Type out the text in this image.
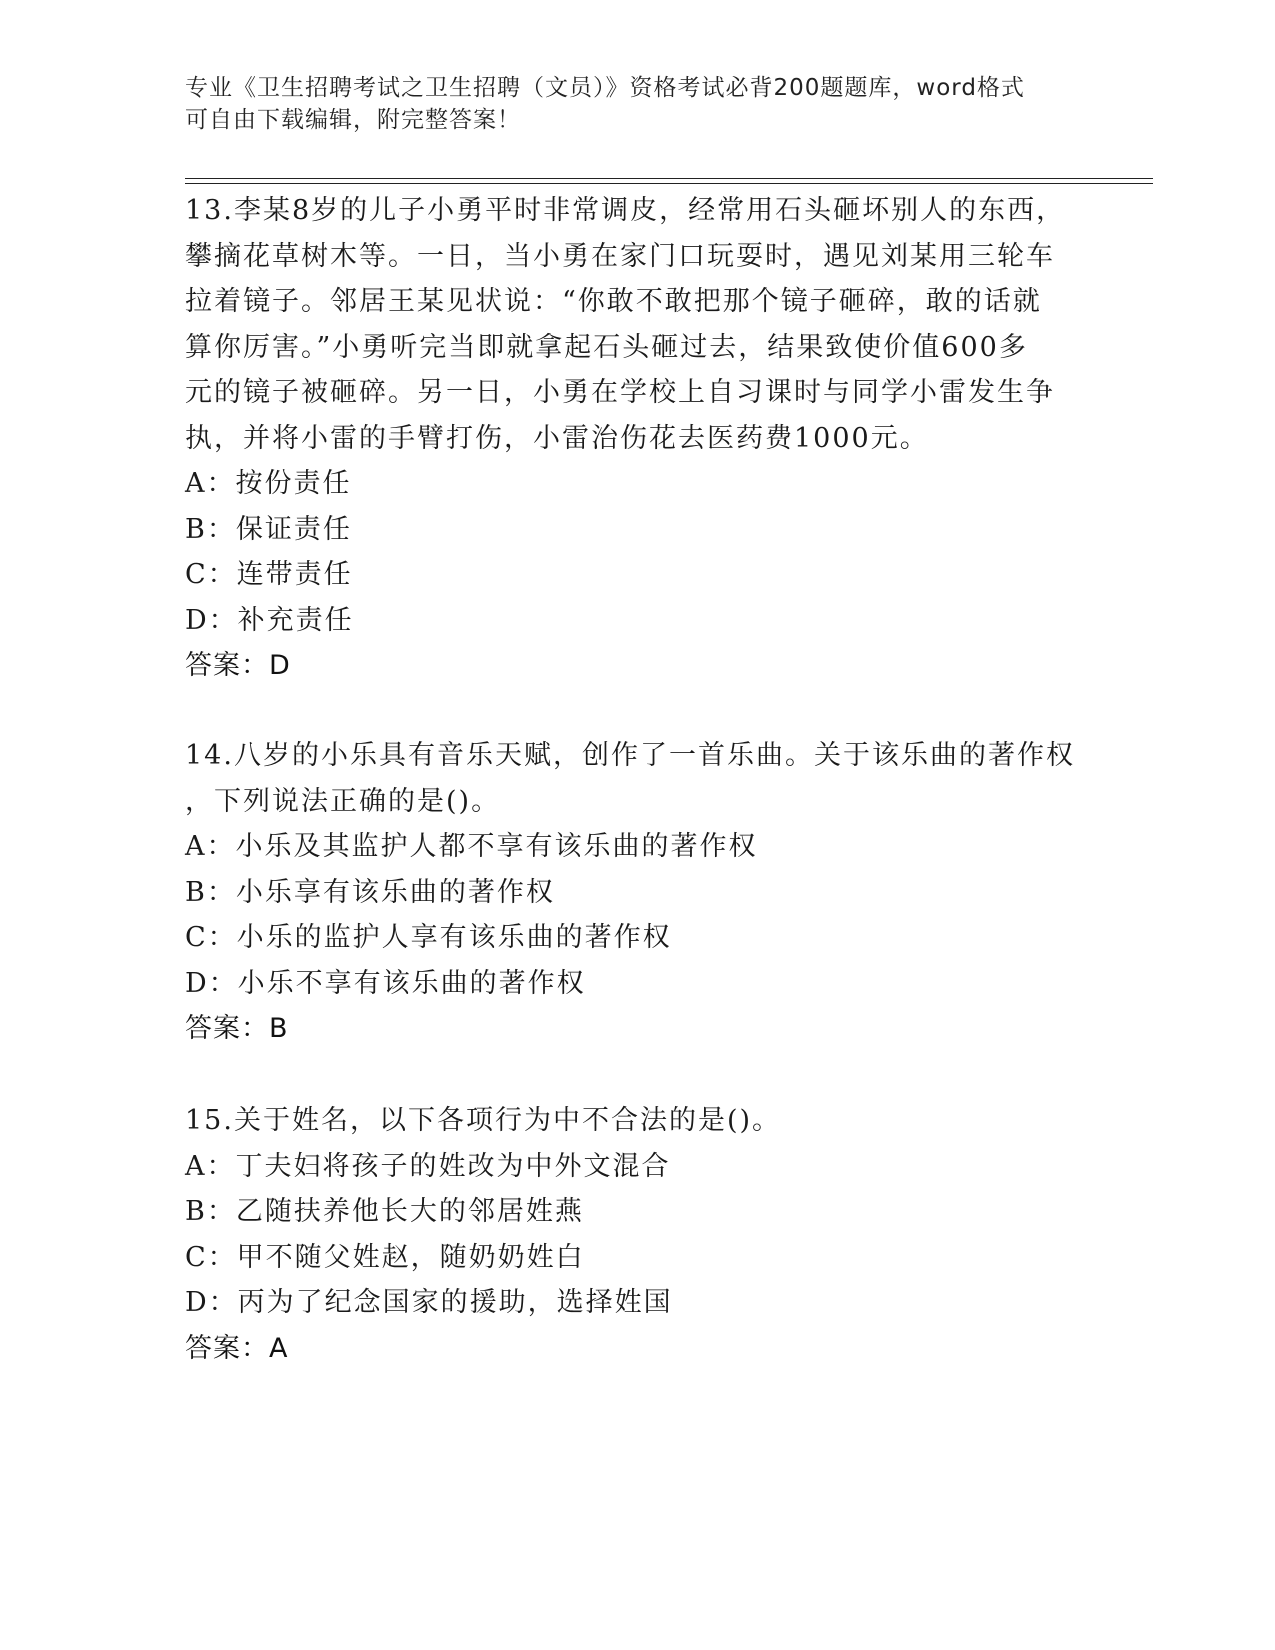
专业《卫生招聘考试之卫生招聘（文员）》资格考试必背200题题库，word格式
可自由下载编辑，附完整答案！
13.李某8岁的儿子小勇平时非常调皮，经常用石头砸坏别人的东西，
攀摘花草树木等。一日，当小勇在家门口玩耍时，遇见刘某用三轮车
拉着镜子。邻居王某见状说：“你敢不敢把那个镜子砸碎，敢的话就
算你厉害。”小勇听完当即就拿起石头砸过去，结果致使价值600多
元的镜子被砸碎。另一日，小勇在学校上自习课时与同学小雷发生争
执，并将小雷的手臂打伤，小雷治伤花去医药费1000元。
A：按份责任
B：保证责任
C：连带责任
D：补充责任
答案：D
14.八岁的小乐具有音乐天赋，创作了一首乐曲。关于该乐曲的著作权
，下列说法正确的是()。
A：小乐及其监护人都不享有该乐曲的著作权
B：小乐享有该乐曲的著作权
C：小乐的监护人享有该乐曲的著作权
D：小乐不享有该乐曲的著作权
答案：B
15.关于姓名，以下各项行为中不合法的是()。
A：丁夫妇将孩子的姓改为中外文混合
B：乙随扶养他长大的邻居姓燕
C：甲不随父姓赵，随奶奶姓白
D：丙为了纪念国家的援助，选择姓国
答案：A
